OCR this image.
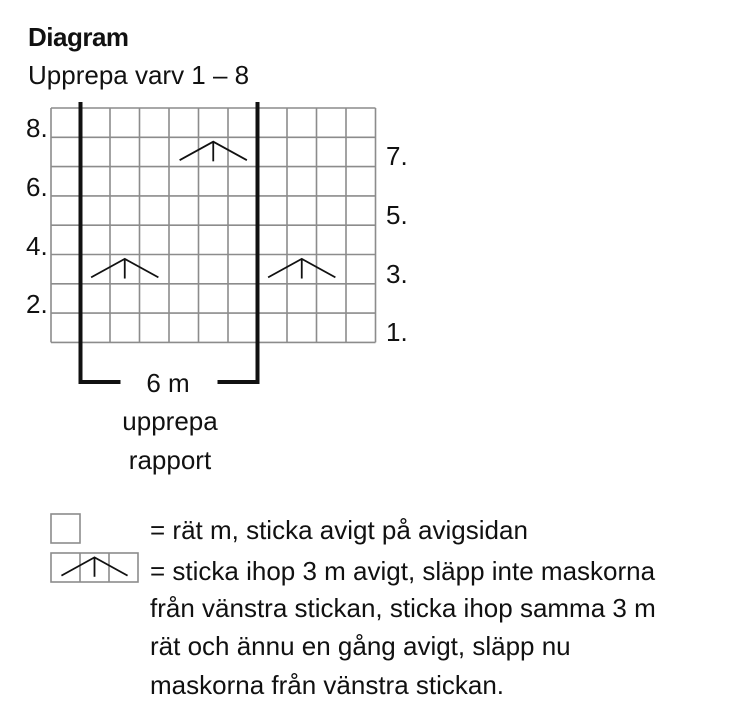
Diagram
Upprepa varv 1 – 8
8.
6.
4.
2.
7.
5.
3.
1.
6 m
upprepa
rapport
= rät m, sticka avigt på avigsidan
= sticka ihop 3 m avigt, släpp inte maskorna
från vänstra stickan, sticka ihop samma 3 m
rät och ännu en gång avigt, släpp nu
maskorna från vänstra stickan.
